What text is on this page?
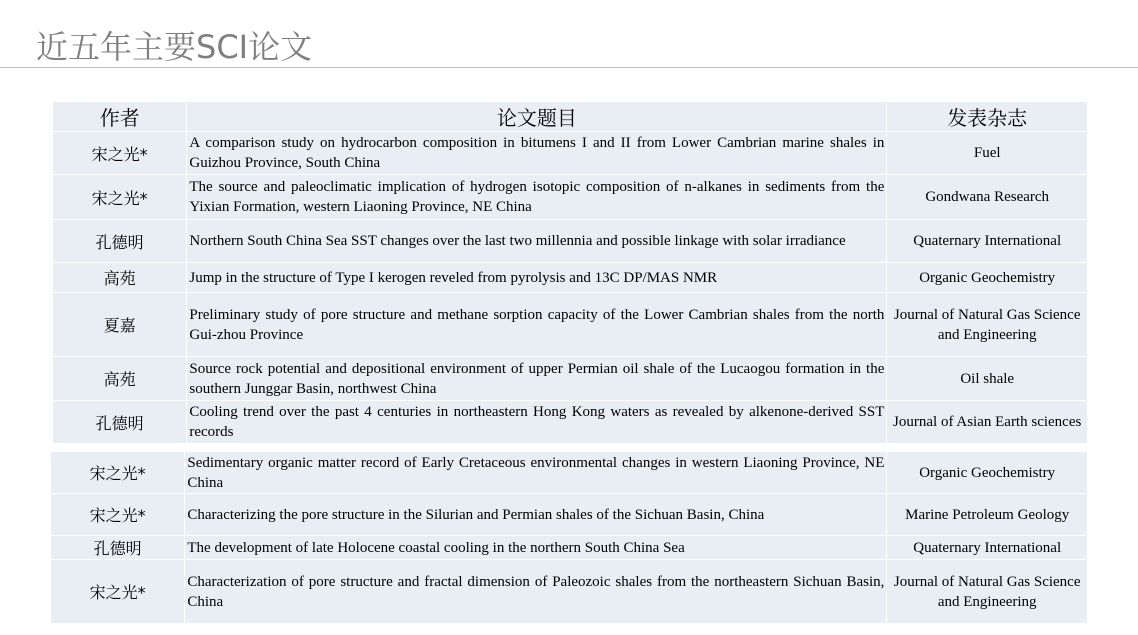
近五年主要SCI论文
作者	论文题目	发表杂志
宋之光*	A comparison study on hydrocarbon composition in bitumens I and II from Lower Cambrian marine shales in Guizhou Province, South China	Fuel
宋之光*	The source and paleoclimatic implication of hydrogen isotopic composition of n-alkanes in sediments from the Yixian Formation, western Liaoning Province, NE China	Gondwana Research
孔德明	Northern South China Sea SST changes over the last two millennia and possible linkage with solar irradiance	Quaternary International
高苑	Jump in the structure of Type I kerogen reveled from pyrolysis and 13C DP/MAS NMR	Organic Geochemistry
夏嘉	Preliminary study of pore structure and methane sorption capacity of the Lower Cambrian shales from the north Gui-zhou Province	Journal of Natural Gas Science and Engineering
高苑	Source rock potential and depositional environment of upper Permian oil shale of the Lucaogou formation in the southern Junggar Basin, northwest China	Oil shale
孔德明	Cooling trend over the past 4 centuries in northeastern Hong Kong waters as revealed by alkenone-derived SST records	Journal of Asian Earth sciences
宋之光*	Sedimentary organic matter record of Early Cretaceous environmental changes in western Liaoning Province, NE China	Organic Geochemistry
宋之光*	Characterizing the pore structure in the Silurian and Permian shales of the Sichuan Basin, China	Marine Petroleum Geology
孔德明	The development of late Holocene coastal cooling in the northern South China Sea	Quaternary International
宋之光*	Characterization of pore structure and fractal dimension of Paleozoic shales from the northeastern Sichuan Basin, China	Journal of Natural Gas Science and Engineering
